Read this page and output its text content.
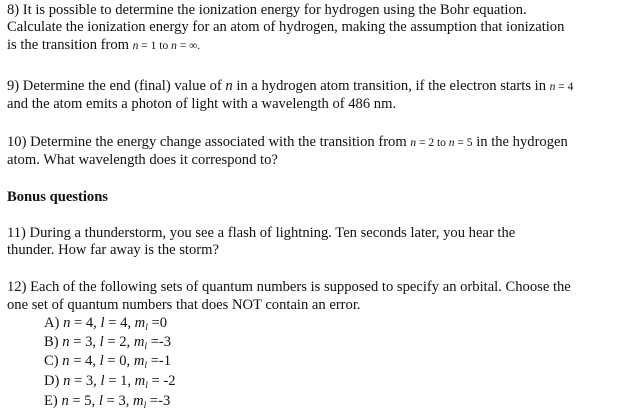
8) It is possible to determine the ionization energy for hydrogen using the Bohr equation.
Calculate the ionization energy for an atom of hydrogen, making the assumption that ionization
is the transition from n = 1 to n = ∞.
9) Determine the end (final) value of n in a hydrogen atom transition, if the electron starts in n = 4
and the atom emits a photon of light with a wavelength of 486 nm.
10) Determine the energy change associated with the transition from n = 2 to n = 5 in the hydrogen
atom. What wavelength does it correspond to?
Bonus questions
11) During a thunderstorm, you see a flash of lightning. Ten seconds later, you hear the
thunder. How far away is the storm?
12) Each of the following sets of quantum numbers is supposed to specify an orbital. Choose the
one set of quantum numbers that does NOT contain an error.
A) n = 4, l = 4, $m_l =0$
B) n = 3, l = 2, $m_l =-3$
C) n = 4, l = 0, $m_l =-1$
D) n = 3, l = 1, $m_l = -2$
E) n = 5, l = 3, $m_l =-3$
